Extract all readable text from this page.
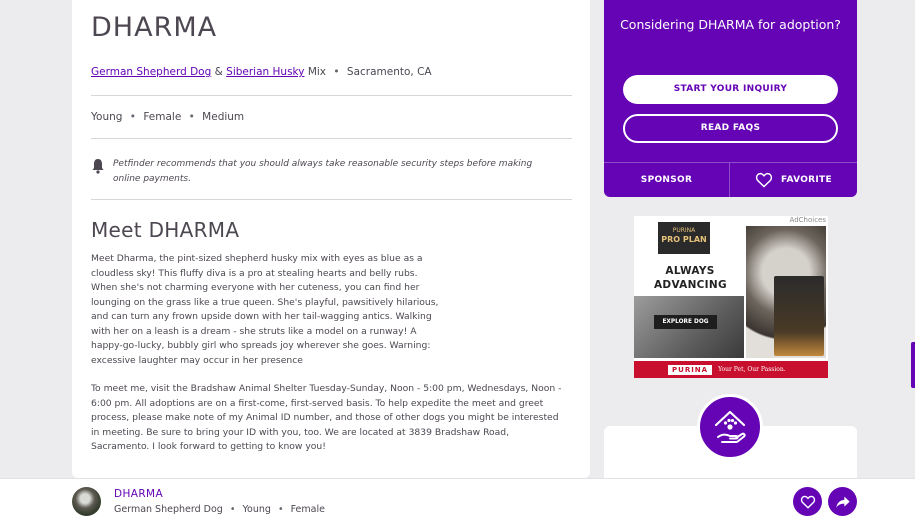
DHARMA
German Shepherd Dog & Siberian Husky Mix • Sacramento, CA
Young • Female • Medium

Petfinder recommends that you should always take reasonable security steps before making online payments.

Meet DHARMA

Meet Dharma, the pint-sized shepherd husky mix with eyes as blue as a cloudless sky! This fluffy diva is a pro at stealing hearts and belly rubs. When she's not charming everyone with her cuteness, you can find her lounging on the grass like a true queen. She's playful, pawsitively hilarious, and can turn any frown upside down with her tail-wagging antics. Walking with her on a leash is a dream - she struts like a model on a runway! A happy-go-lucky, bubbly girl who spreads joy wherever she goes. Warning: excessive laughter may occur in her presence

To meet me, visit the Bradshaw Animal Shelter Tuesday-Sunday, Noon - 5:00 pm, Wednesdays, Noon - 6:00 pm. All adoptions are on a first-come, first-served basis. To help expedite the meet and greet process, please make note of my Animal ID number, and those of other dogs you might be interested in meeting. Be sure to bring your ID with you, too. We are located at 3839 Bradshaw Road, Sacramento. I look forward to getting to know you!

Considering DHARMA for adoption?

START YOUR INQUIRY
READ FAQS
SPONSOR	FAVORITE
AdChoices
PURINA
PRO PLAN
ALWAYS
ADVANCING
EXPLORE DOG
PURINA	Your Pet, Our Passion.
DHARMA
German Shepherd Dog • Young • Female
